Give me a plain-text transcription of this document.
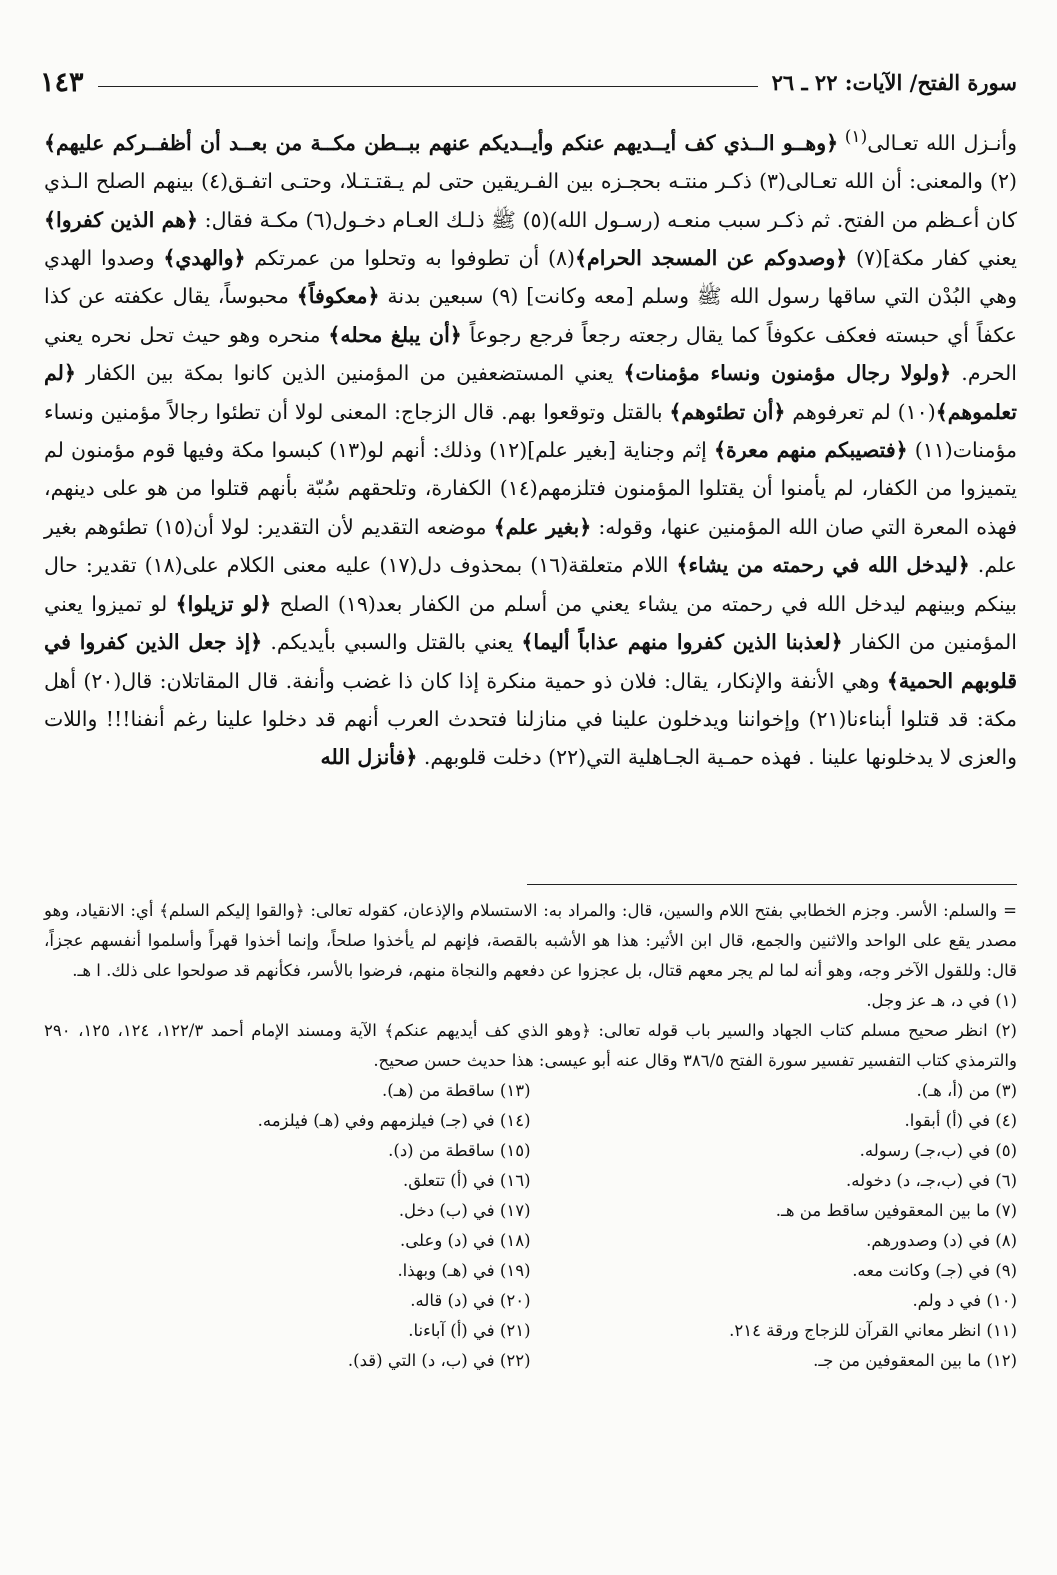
سورة الفتح/ الآيات: ٢٢ ـ ٢٦
١٤٣

وأنـزل الله تعـالى$^{(١)}$ ﴿وهــو الــذي كف أيــديهم عنكم وأيــديكم عنهم ببــطن مكــة من بعــد أن أظفــركم عليهم﴾(٢) والمعنى: أن الله تعـالى(٣) ذكـر منتـه بحجـزه بين الفـريقين حتى لم يـقتـتـلا، وحتـى اتفـق(٤) بينهم الصلح الـذي كان أعـظم من الفتح. ثم ذكـر سبب منعـه (رسـول الله)(٥) ﷺ ذلـك العـام دخـول(٦) مكـة فقال: ﴿هم الذين كفروا﴾ يعني كفار مكة](٧) ﴿وصدوكم عن المسجد الحرام﴾(٨) أن تطوفوا به وتحلوا من عمرتكم ﴿والهدي﴾ وصدوا الهدي وهي البُدْن التي ساقها رسول الله ﷺ وسلم [معه وكانت] (٩) سبعين بدنة ﴿معكوفاً﴾ محبوساً، يقال عكفته عن كذا عكفاً أي حبسته فعكف عكوفاً كما يقال رجعته رجعاً فرجع رجوعاً ﴿أن يبلغ محله﴾ منحره وهو حيث تحل نحره يعني الحرم. ﴿ولولا رجال مؤمنون ونساء مؤمنات﴾ يعني المستضعفين من المؤمنين الذين كانوا بمكة بين الكفار ﴿لم تعلموهم﴾(١٠) لم تعرفوهم ﴿أن تطئوهم﴾ بالقتل وتوقعوا بهم. قال الزجاج: المعنى لولا أن تطئوا رجالاً مؤمنين ونساء مؤمنات(١١) ﴿فتصيبكم منهم معرة﴾ إثم وجناية [بغير علم](١٢) وذلك: أنهم لو(١٣) كبسوا مكة وفيها قوم مؤمنون لم يتميزوا من الكفار، لم يأمنوا أن يقتلوا المؤمنون فتلزمهم(١٤) الكفارة، وتلحقهم سُبّة بأنهم قتلوا من هو على دينهم، فهذه المعرة التي صان الله المؤمنين عنها، وقوله: ﴿بغير علم﴾ موضعه التقديم لأن التقدير: لولا أن(١٥) تطئوهم بغير علم. ﴿ليدخل الله في رحمته من يشاء﴾ اللام متعلقة(١٦) بمحذوف دل(١٧) عليه معنى الكلام على(١٨) تقدير: حال بينكم وبينهم ليدخل الله في رحمته من يشاء يعني من أسلم من الكفار بعد(١٩) الصلح ﴿لو تزيلوا﴾ لو تميزوا يعني المؤمنين من الكفار ﴿لعذبنا الذين كفروا منهم عذاباً أليما﴾ يعني بالقتل والسبي بأيديكم. ﴿إذ جعل الذين كفروا في قلوبهم الحمية﴾ وهي الأنفة والإنكار، يقال: فلان ذو حمية منكرة إذا كان ذا غضب وأنفة. قال المقاتلان: قال(٢٠) أهل مكة: قد قتلوا أبناءنا(٢١) وإخواننا ويدخلون علينا في منازلنا فتحدث العرب أنهم قد دخلوا علينا رغم أنفنا!!! واللات والعزى لا يدخلونها علينا . فهذه حمـية الجـاهلية التي(٢٢) دخلت قلوبهم. ﴿فأنزل الله

= والسلم: الأسر. وجزم الخطابي بفتح اللام والسين، قال: والمراد به: الاستسلام والإذعان، كقوله تعالى: ﴿والقوا إليكم السلم﴾ أي: الانقياد، وهو مصدر يقع على الواحد والاثنين والجمع، قال ابن الأثير: هذا هو الأشبه بالقصة، فإنهم لم يأخذوا صلحاً، وإنما أخذوا قهراً وأسلموا أنفسهم عجزاً، قال: وللقول الآخر وجه، وهو أنه لما لم يجر معهم قتال، بل عجزوا عن دفعهم والنجاة منهم، فرضوا بالأسر، فكأنهم قد صولحوا على ذلك. ا هـ.

(١) في د، هـ عز وجل.

(٢) انظر صحيح مسلم كتاب الجهاد والسير باب قوله تعالى: ﴿وهو الذي كف أيديهم عنكم﴾ الآية ومسند الإمام أحمد ١٢٢/٣، ١٢٤، ١٢٥، ٢٩٠ والترمذي كتاب التفسير تفسير سورة الفتح ٣٨٦/٥ وقال عنه أبو عيسى: هذا حديث حسن صحيح.

(٣) من (أ، هـ).
(٤) في (أ) أبقوا.
(٥) في (ب،جـ) رسوله.
(٦) في (ب،جـ، د) دخوله.
(٧) ما بين المعقوفين ساقط من هـ.
(٨) في (د) وصدورهم.
(٩) في (جـ) وكانت معه.
(١٠) في د ولم.
(١١) انظر معاني القرآن للزجاج ورقة ٢١٤.
(١٢) ما بين المعقوفين من جـ.
(١٣) ساقطة من (هـ).
(١٤) في (جـ) فيلزمهم وفي (هـ) فيلزمه.
(١٥) ساقطة من (د).
(١٦) في (أ) تتعلق.
(١٧) في (ب) دخل.
(١٨) في (د) وعلى.
(١٩) في (هـ) وبهذا.
(٢٠) في (د) قاله.
(٢١) في (أ) آباءنا.
(٢٢) في (ب، د) التي (قد).
